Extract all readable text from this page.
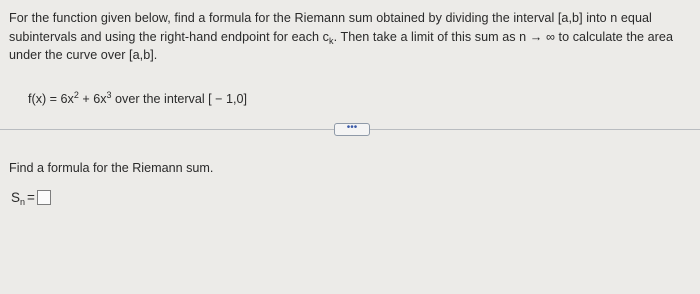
For the function given below, find a formula for the Riemann sum obtained by dividing the interval [a,b] into n equal subintervals and using the right-hand endpoint for each $c_k$. Then take a limit of this sum as n → ∞ to calculate the area under the curve over [a,b].
$f(x) = 6x^2 + 6x^3$ over the interval [ − 1,0]
•••
Find a formula for the Riemann sum.
$S_n$ =
